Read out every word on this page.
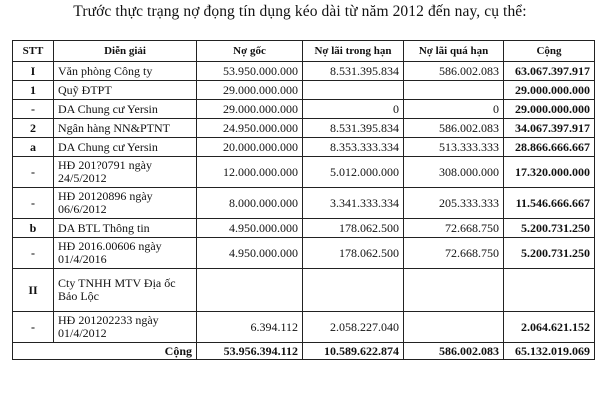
Trước thực trạng nợ đọng tín dụng kéo dài từ năm 2012 đến nay, cụ thể:
STT	Diễn giải	Nợ gốc	Nợ lãi trong hạn	Nợ lãi quá hạn	Cộng
I	Văn phòng Công ty	53.950.000.000	8.531.395.834	586.002.083	63.067.397.917
1	Quỹ ĐTPT	29.000.000.000			29.000.000.000
-	DA Chung cư Yersin	29.000.000.000	0	0	29.000.000.000
2	Ngân hàng NN&PTNT	24.950.000.000	8.531.395.834	586.002.083	34.067.397.917
a	DA Chung cư Yersin	20.000.000.000	8.353.333.334	513.333.333	28.866.666.667
-	HĐ 201?0791 ngày 24/5/2012	12.000.000.000	5.012.000.000	308.000.000	17.320.000.000
-	HĐ 20120896 ngày 06/6/2012	8.000.000.000	3.341.333.334	205.333.333	11.546.666.667
b	DA BTL Thông tin	4.950.000.000	178.062.500	72.668.750	5.200.731.250
-	HĐ 2016.00606 ngày 01/4/2016	4.950.000.000	178.062.500	72.668.750	5.200.731.250
II	Cty TNHH MTV Địa ốc Bảo Lộc				
-	HĐ 201202233 ngày 01/4/2012	6.394.112	2.058.227.040		2.064.621.152
Cộng		53.956.394.112	10.589.622.874	586.002.083	65.132.019.069
